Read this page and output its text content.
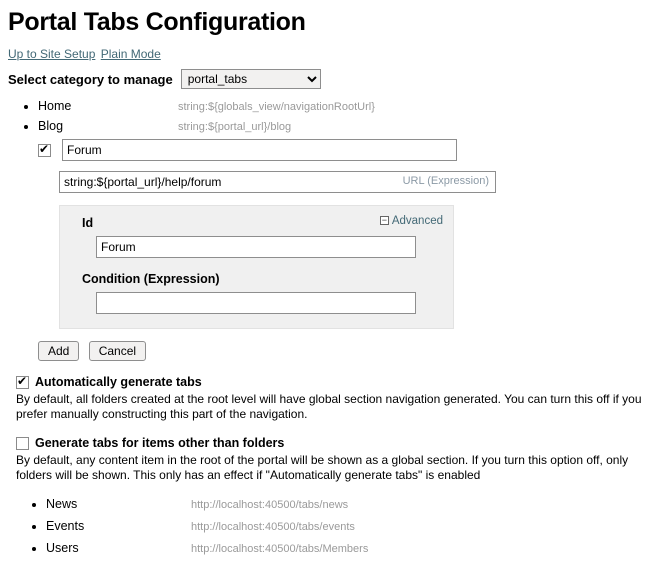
Portal Tabs Configuration
Up to Site Setup Plain Mode
Select category to manage
portal_tabs
• Home	string:${globals_view/navigationRootUrl}
• Blog	string:${portal_url}/blog
✔
Forum
string:${portal_url}/help/forum
URL (Expression)
− Advanced
Id
Forum
Condition (Expression)
Add Cancel
✔
Automatically generate tabs
By default, all folders created at the root level will have global section navigation generated. You can turn this off if you prefer manually constructing this part of the navigation.
Generate tabs for items other than folders
By default, any content item in the root of the portal will be shown as a global section. If you turn this option off, only folders will be shown. This only has an effect if "Automatically generate tabs" is enabled
• News	http://localhost:40500/tabs/news
• Events	http://localhost:40500/tabs/events
• Users	http://localhost:40500/tabs/Members
